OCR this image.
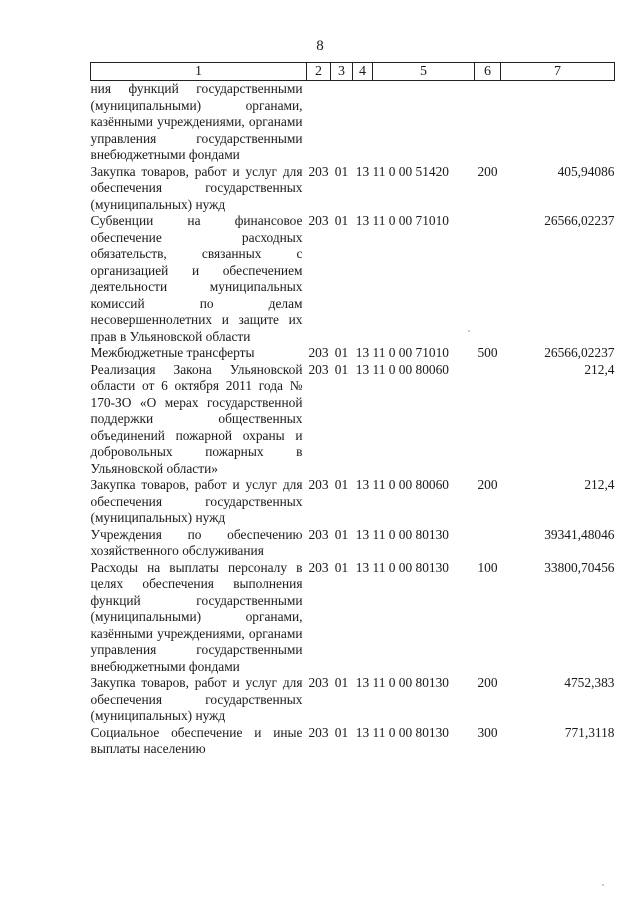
8
1	2	3	4	5	6	7
ния функций государственными (муниципальными) органами, казёнными учреждениями, органами управления государственными внебюджетными фондами						
Закупка товаров, работ и услуг для обеспечения государственных (муниципальных) нужд	203	01	13	11 0 00 51420	200	405,94086
Субвенции на финансовое обеспечение расходных обязательств, связанных с организацией и обеспечением деятельности муниципальных комиссий по делам несовершеннолетних и защите их прав в Ульяновской области	203	01	13	11 0 00 71010		26566,02237
Межбюджетные трансферты	203	01	13	11 0 00 71010	500	26566,02237
Реализация Закона Ульяновской области от 6 октября 2011 года № 170-ЗО «О мерах государственной поддержки общественных объединений пожарной охраны и добровольных пожарных в Ульяновской области»	203	01	13	11 0 00 80060		212,4
Закупка товаров, работ и услуг для обеспечения государственных (муниципальных) нужд	203	01	13	11 0 00 80060	200	212,4
Учреждения по обеспечению хозяйственного обслуживания	203	01	13	11 0 00 80130		39341,48046
Расходы на выплаты персоналу в целях обеспечения выполнения функций государственными (муниципальными) органами, казёнными учреждениями, органами управления государственными внебюджетными фондами	203	01	13	11 0 00 80130	100	33800,70456
Закупка товаров, работ и услуг для обеспечения государственных (муниципальных) нужд	203	01	13	11 0 00 80130	200	4752,383
Социальное обеспечение и иные выплаты населению	203	01	13	11 0 00 80130	300	771,3118
